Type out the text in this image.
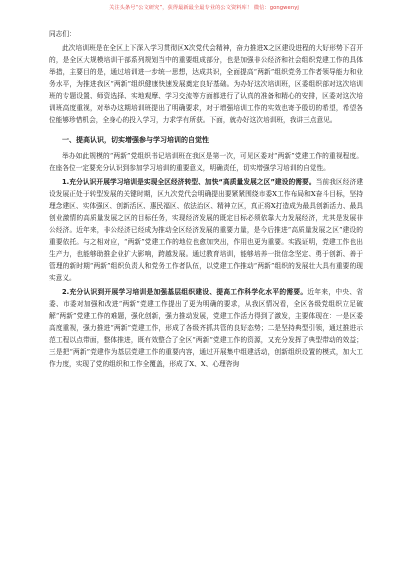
关注头条号“公文研究”，获得最新最全最专业的公文资料库！ 微信：gongwenyj

同志们：

此次培训班是在全区上下深入学习贯彻区Ⅹ次党代会精神，奋力推进Ⅹ之区建设进程的大好形势下召开的，是全区大规模培训干部系列规划当中的重要组成部分，也是加强非公经济和社会组织党建工作的具体举措，主要目的是，通过培训进一步统一思想，达成共识，全面提高“两新”组织党务工作者领导能力和业务水平，为推进我区“两新”组织健康快速发展奠定良好基础。为办好这次培训班，区委组织部对这次培训班的专题设置、师资选择、实地观摩、学习交流等方面都进行了认真的准备和精心的安排，区委对这次培训班高度重视，对举办这期培训班提出了明确要求，对于增强培训工作的实效也寄予殷切的希望，希望各位能够珍惜机会，全身心的投入学习，力求学有所获。下面，就办好这次培训班，我讲三点意见。

一、提高认识，切实增强参与学习培训的自觉性

举办如此规模的“两新”党组织书记培训班在我区是第一次，可见区委对“两新”党建工作的重视程度。在座各位一定要充分认识到参加学习培训的重要意义，明确责任，切实增强学习培训的自觉性。

1.充分认识开展学习培训是实现全区经济转型、加快“高质量发展之区”建设的需要。当前我区经济建设发展正处于转型发展的关键时期，区九次党代会明确提出要紧紧围绕市委Ⅹ工作布局和Ⅹ奋斗目标，坚持理念建区、实体强区、创新活区、惠民福区、依法治区、精神立区，真正将Ⅹ打造成为最具创新活力、最具创业激情的高质量发展之区的目标任务，实现经济发展的既定目标必须依靠大力发展经济，尤其是发展非公经济。近年来，非公经济已经成为推动全区经济发展的重要力量，是今后推进“高质量发展之区”建设的重要依托。与之相对应，“两新”党建工作的地位也愈加突出，作用也更为重要。实践证明，党建工作也出生产力，也能够助推企业扩大影响，跨越发展。通过教育培训，能够培养一批信念坚定、勇于创新、善于管理的新时期“两新”组织负责人和党务工作者队伍，以党建工作推动“两新”组织的发展壮大具有重要的现实意义。

2.充分认识到开展学习培训是加强基层组织建设、提高工作科学化水平的需要。近年来，中央、省委、市委对加强和改进“两新”党建工作提出了更为明确的要求，从我区情况看，全区各级党组织立足破解“两新”党建工作的难题，强化创新，强力推动发展，党建工作活力得到了激发，主要体现在：一是区委高度重视，强力推进“两新”党建工作，形成了各级齐抓共管的良好态势；二是坚持典型引领，通过推进示范工程以点带面，整体推进，既有效整合了全区“两新”党建工作的资源，又充分发挥了典型带动的效益；三是把“两新”党建作为基层党建工作的重要内容，通过开展集中组建活动，创新组织设置的模式，加大工作力度，实现了党的组织和工作全覆盖，形成了Ⅹ、Ⅹ、心理咨询
